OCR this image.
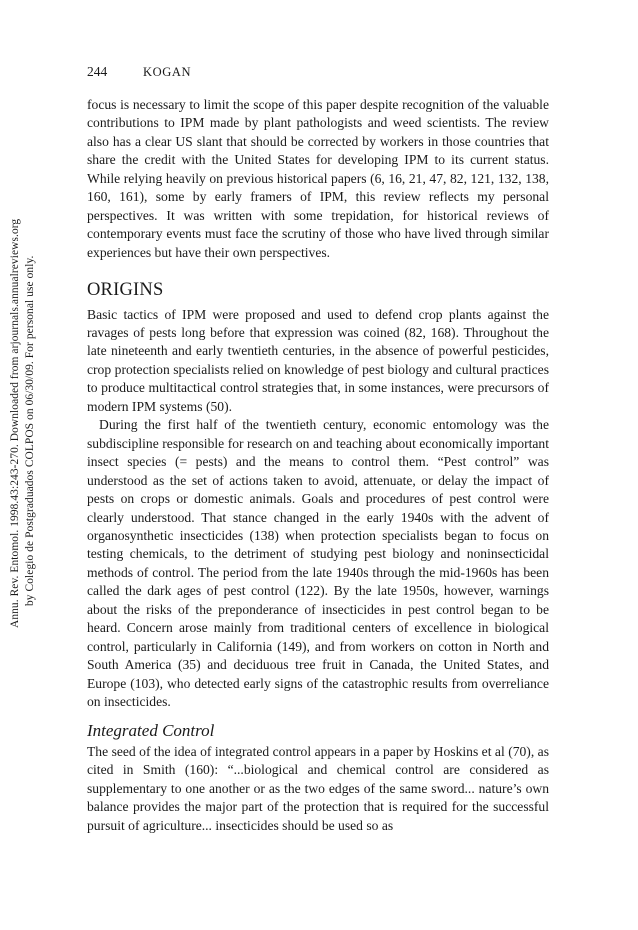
Annu. Rev. Entomol. 1998.43:243-270. Downloaded from arjournals.annualreviews.org by Colegio de Postgraduados COLPOS on 06/30/09. For personal use only.
244	KOGAN

focus is necessary to limit the scope of this paper despite recognition of the valuable contributions to IPM made by plant pathologists and weed scientists. The review also has a clear US slant that should be corrected by workers in those countries that share the credit with the United States for developing IPM to its current status. While relying heavily on previous historical papers (6, 16, 21, 47, 82, 121, 132, 138, 160, 161), some by early framers of IPM, this review reflects my personal perspectives. It was written with some trepidation, for historical reviews of contemporary events must face the scrutiny of those who have lived through similar experiences but have their own perspectives.

ORIGINS

Basic tactics of IPM were proposed and used to defend crop plants against the ravages of pests long before that expression was coined (82, 168). Throughout the late nineteenth and early twentieth centuries, in the absence of powerful pesticides, crop protection specialists relied on knowledge of pest biology and cultural practices to produce multitactical control strategies that, in some instances, were precursors of modern IPM systems (50).

During the first half of the twentieth century, economic entomology was the subdiscipline responsible for research on and teaching about economically important insect species (= pests) and the means to control them. “Pest control” was understood as the set of actions taken to avoid, attenuate, or delay the impact of pests on crops or domestic animals. Goals and procedures of pest control were clearly understood. That stance changed in the early 1940s with the advent of organosynthetic insecticides (138) when protection specialists began to focus on testing chemicals, to the detriment of studying pest biology and noninsecticidal methods of control. The period from the late 1940s through the mid-1960s has been called the dark ages of pest control (122). By the late 1950s, however, warnings about the risks of the preponderance of insecticides in pest control began to be heard. Concern arose mainly from traditional centers of excellence in biological control, particularly in California (149), and from workers on cotton in North and South America (35) and deciduous tree fruit in Canada, the United States, and Europe (103), who detected early signs of the catastrophic results from overreliance on insecticides.

Integrated Control

The seed of the idea of integrated control appears in a paper by Hoskins et al (70), as cited in Smith (160): “...biological and chemical control are considered as supplementary to one another or as the two edges of the same sword... nature’s own balance provides the major part of the protection that is required for the successful pursuit of agriculture... insecticides should be used so as
